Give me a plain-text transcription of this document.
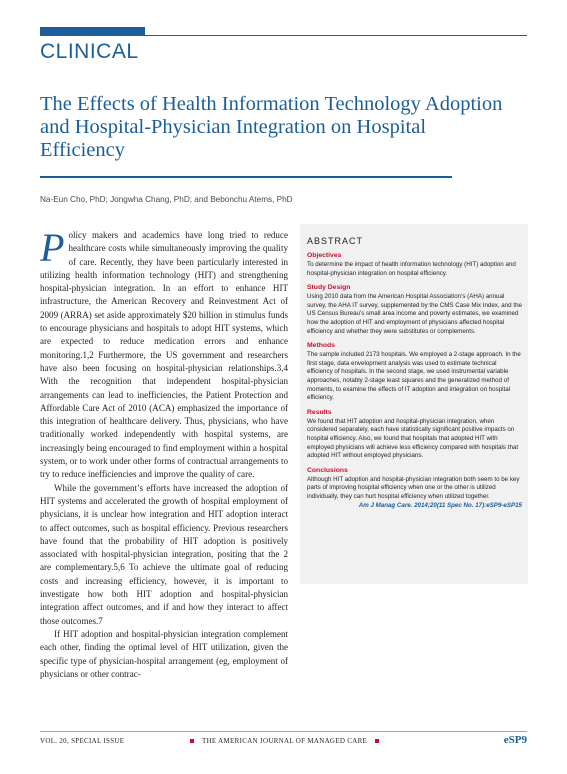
CLINICAL
The Effects of Health Information Technology Adoption and Hospital-Physician Integration on Hospital Efficiency
Na-Eun Cho, PhD; Jongwha Chang, PhD; and Bebonchu Atems, PhD

Policy makers and academics have long tried to reduce healthcare costs while simultaneously improving the quality of care. Recently, they have been particularly interested in utilizing health information technology (HIT) and strengthening hospital-physician integration. In an effort to enhance HIT infrastructure, the American Recovery and Reinvestment Act of 2009 (ARRA) set aside approximately $20 billion in stimulus funds to encourage physicians and hospitals to adopt HIT systems, which are expected to reduce medication errors and enhance monitoring.1,2 Furthermore, the US government and researchers have also been focusing on hospital-physician relationships.3,4 With the recognition that independent hospital-physician arrangements can lead to inefficiencies, the Patient Protection and Affordable Care Act of 2010 (ACA) emphasized the importance of this integration of healthcare delivery. Thus, physicians, who have traditionally worked independently with hospital systems, are increasingly being encouraged to find employment within a hospital system, or to work under other forms of contractual arrangements to try to reduce inefficiencies and improve the quality of care.

While the government’s efforts have increased the adoption of HIT systems and accelerated the growth of hospital employment of physicians, it is unclear how integration and HIT adoption interact to affect outcomes, such as hospital efficiency. Previous researchers have found that the probability of HIT adoption is positively associated with hospital-physician integration, positing that the 2 are complementary.5,6 To achieve the ultimate goal of reducing costs and increasing efficiency, however, it is important to investigate how both HIT adoption and hospital-physician integration affect outcomes, and if and how they interact to affect those outcomes.7

If HIT adoption and hospital-physician integration complement each other, finding the optimal level of HIT utilization, given the specific type of physician-hospital arrangement (eg, employment of physicians or other contrac-

ABSTRACT
Objectives
To determine the impact of health information technology (HIT) adoption and hospital-physician integration on hospital efficiency.
Study Design
Using 2010 data from the American Hospital Association’s (AHA) annual survey, the AHA IT survey, supplemented by the CMS Case Mix Index, and the US Census Bureau’s small area income and poverty estimates, we examined how the adoption of HIT and employment of physicians affected hospital efficiency and whether they were substitutes or complements.
Methods
The sample included 2173 hospitals. We employed a 2-stage approach. In the first stage, data envelopment analysis was used to estimate technical efficiency of hospitals. In the second stage, we used instrumental variable approaches, notably 2-stage least squares and the generalized method of moments, to examine the effects of IT adoption and integration on hospital efficiency.
Results
We found that HIT adoption and hospital-physician integration, when considered separately, each have statistically significant positive impacts on hospital efficiency. Also, we found that hospitals that adopted HIT with employed physicians will achieve less efficiency compared with hospitals that adopted HIT without employed physicians.
Conclusions
Although HIT adoption and hospital-physician integration both seem to be key parts of improving hospital efficiency when one or the other is utilized individually, they can hurt hospital efficiency when utilized together.
Am J Manag Care. 2014;20(11 Spec No. 17):eSP9-eSP15
VOL. 20, SPECIAL ISSUE	THE AMERICAN JOURNAL OF MANAGED CARE	eSP9
